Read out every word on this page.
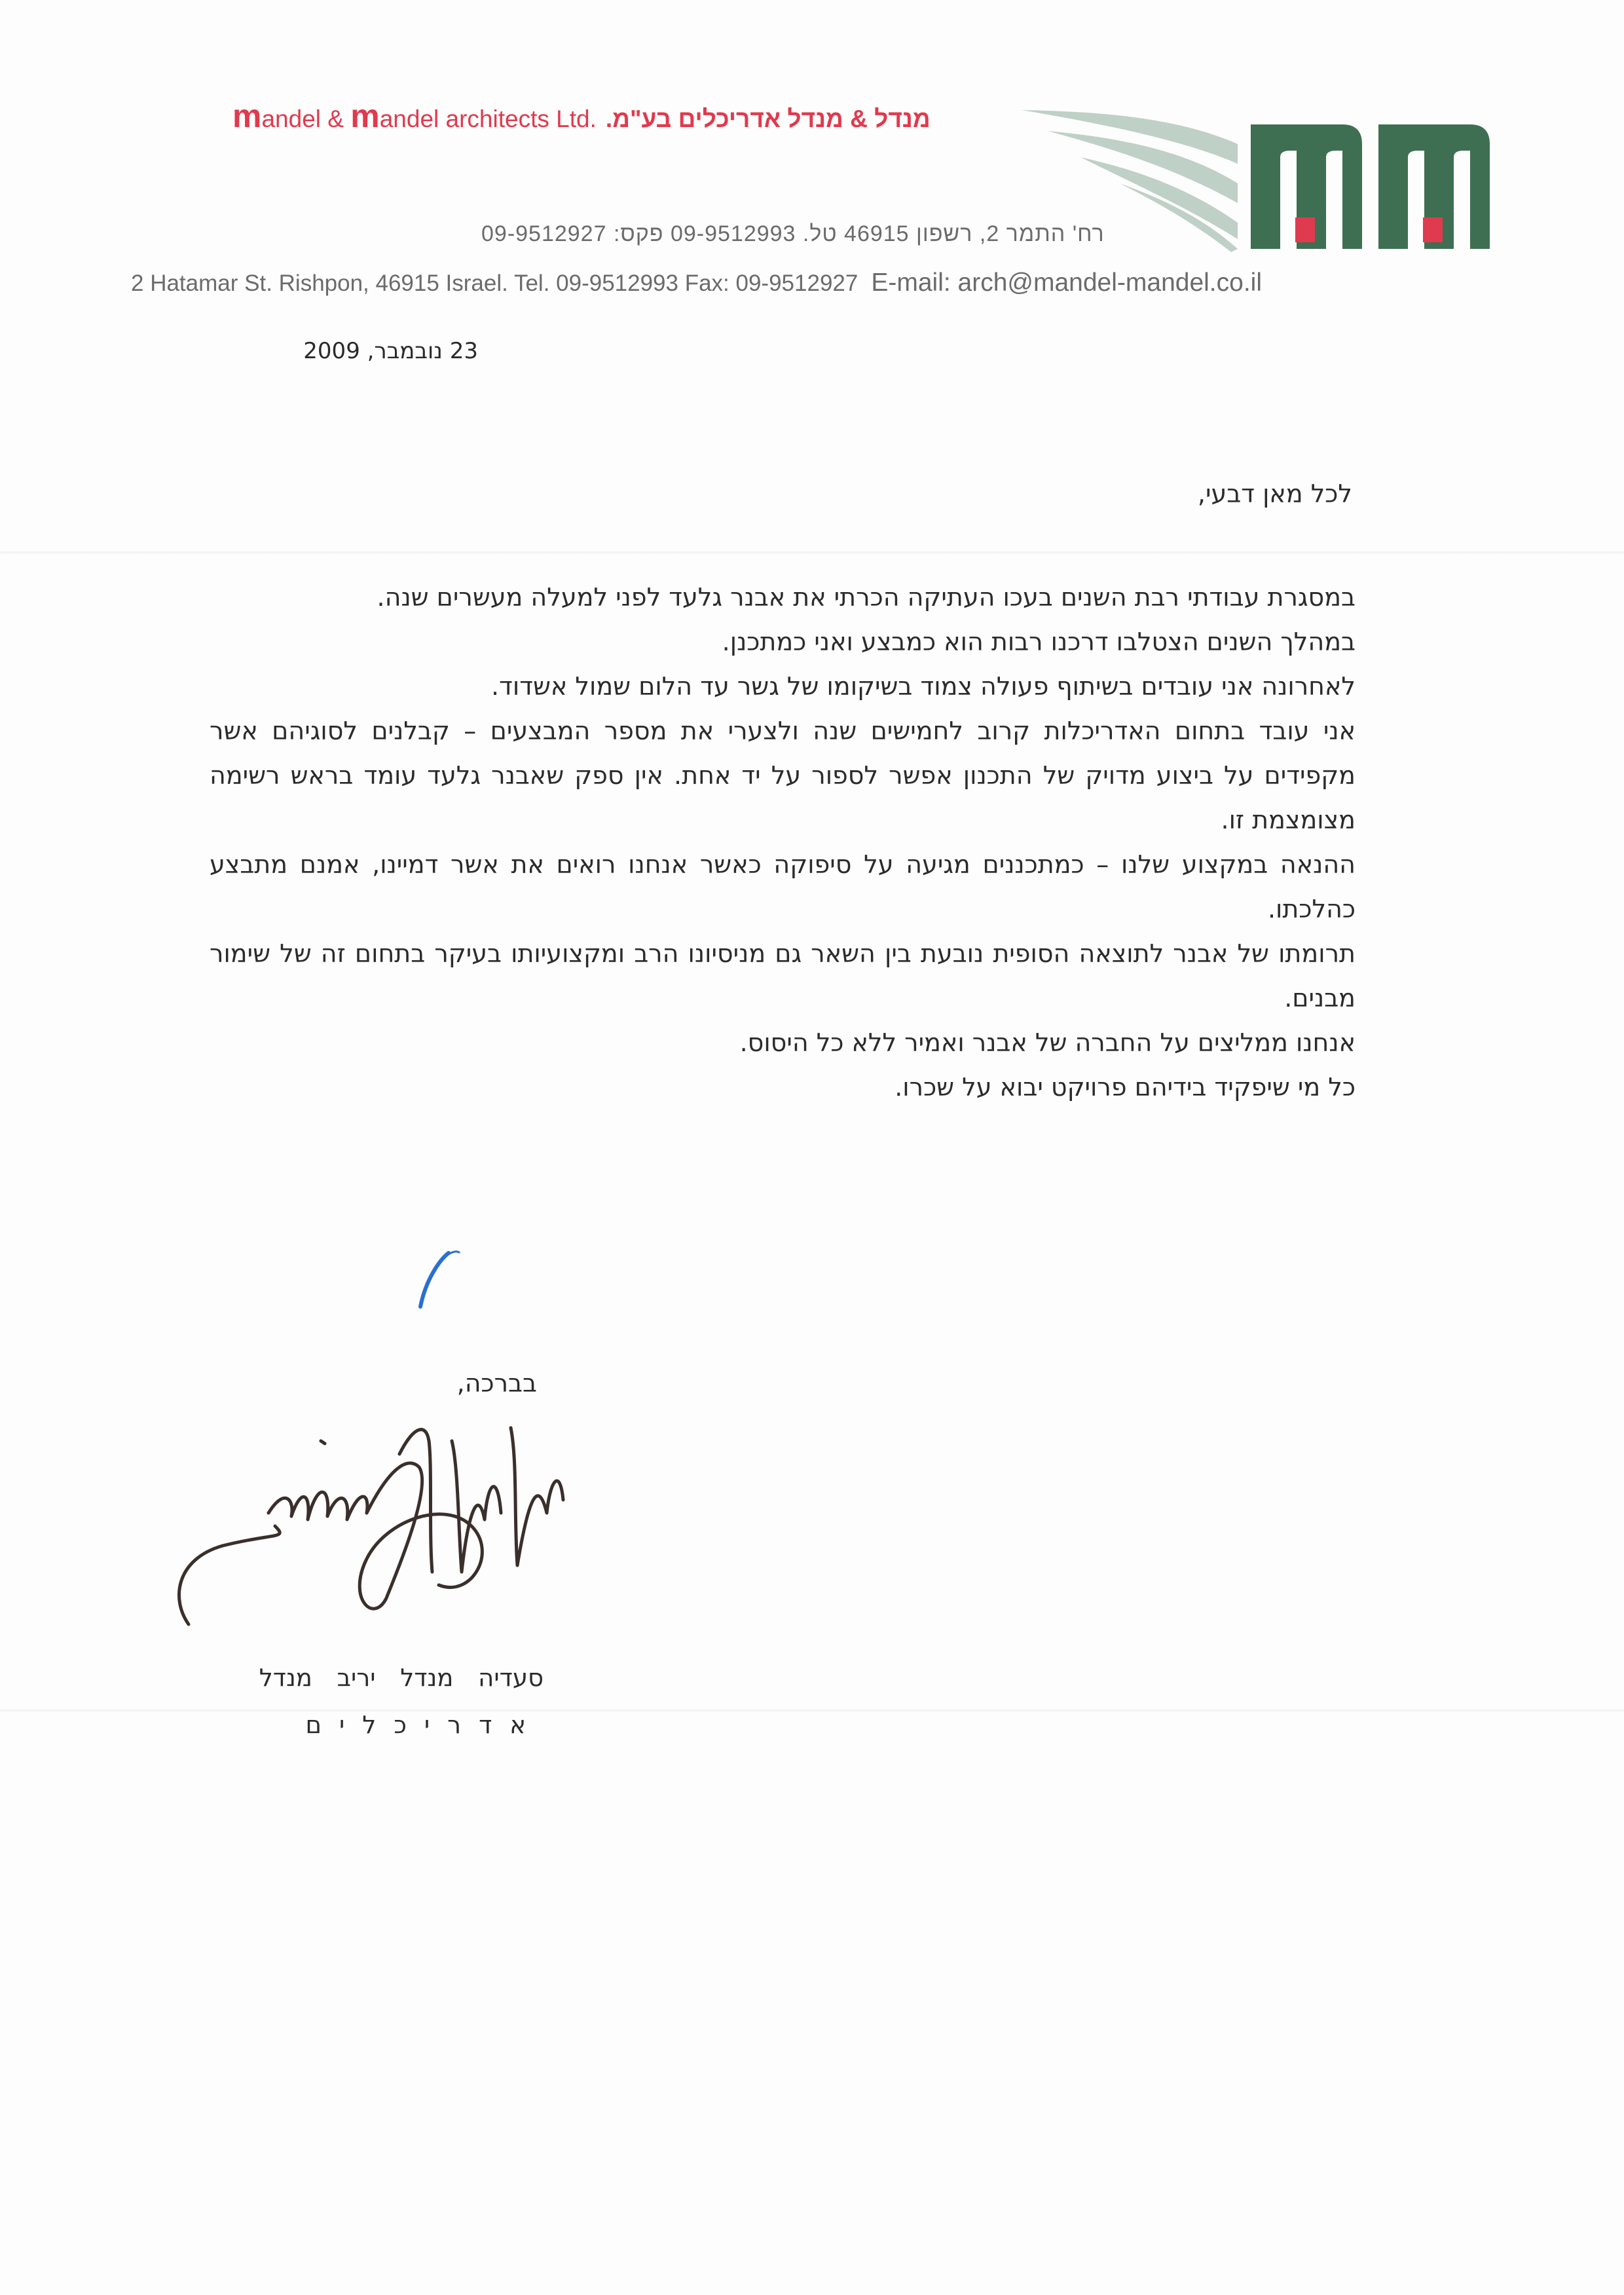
mandel & mandel architects Ltd. מנדל & מנדל אדריכלים בע"מ.
m.m
רח' התמר 2, רשפון 46915 טל. 09-9512993 פקס: 09-9512927
2 Hatamar St. Rishpon, 46915 Israel. Tel. 09-9512993 Fax: 09-9512927 E-mail: arch@mandel-mandel.co.il
23 נובמבר, 2009
לכל מאן דבעי,

במסגרת עבודתי רבת השנים בעכו העתיקה הכרתי את אבנר גלעד לפני למעלה מעשרים שנה.

במהלך השנים הצטלבו דרכנו רבות הוא כמבצע ואני כמתכנן.

לאחרונה אני עובדים בשיתוף פעולה צמוד בשיקומו של גשר עד הלום שמול אשדוד.

אני עובד בתחום האדריכלות קרוב לחמישים שנה ולצערי את מספר המבצעים – קבלנים לסוגיהם אשר מקפידים על ביצוע מדויק של התכנון אפשר לספור על יד אחת. אין ספק שאבנר גלעד עומד בראש רשימה מצומצמת זו.

ההנאה במקצוע שלנו – כמתכננים מגיעה על סיפוקה כאשר אנחנו רואים את אשר דמיינו, אמנם מתבצע כהלכתו.

תרומתו של אבנר לתוצאה הסופית נובעת בין השאר גם מניסיונו הרב ומקצועיותו בעיקר בתחום זה של שימור מבנים.

אנחנו ממליצים על החברה של אבנר ואמיר ללא כל היסוס.

כל מי שיפקיד בידיהם פרויקט יבוא על שכרו.

בברכה,
סעדיה מנדל יריב מנדל
אדריכלים
